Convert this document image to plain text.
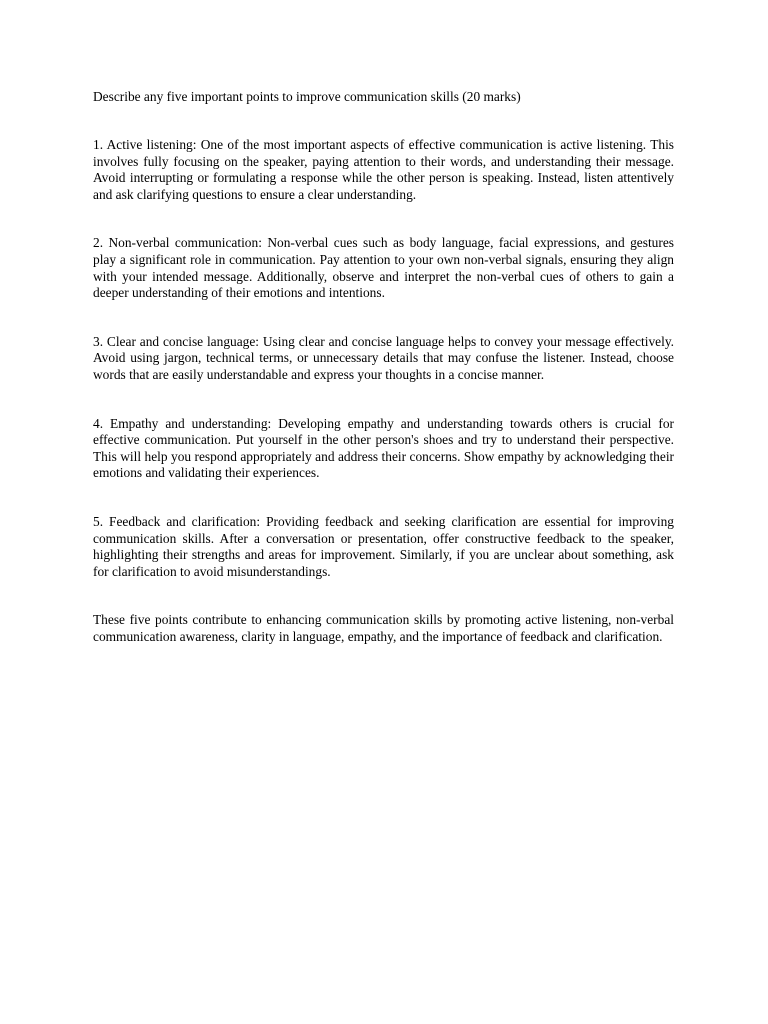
Describe any five important points to improve communication skills (20 marks)

1. Active listening: One of the most important aspects of effective communication is active listening. This involves fully focusing on the speaker, paying attention to their words, and understanding their message. Avoid interrupting or formulating a response while the other person is speaking. Instead, listen attentively and ask clarifying questions to ensure a clear understanding.

2. Non-verbal communication: Non-verbal cues such as body language, facial expressions, and gestures play a significant role in communication. Pay attention to your own non-verbal signals, ensuring they align with your intended message. Additionally, observe and interpret the non-verbal cues of others to gain a deeper understanding of their emotions and intentions.

3. Clear and concise language: Using clear and concise language helps to convey your message effectively. Avoid using jargon, technical terms, or unnecessary details that may confuse the listener. Instead, choose words that are easily understandable and express your thoughts in a concise manner.

4. Empathy and understanding: Developing empathy and understanding towards others is crucial for effective communication. Put yourself in the other person's shoes and try to understand their perspective. This will help you respond appropriately and address their concerns. Show empathy by acknowledging their emotions and validating their experiences.

5. Feedback and clarification: Providing feedback and seeking clarification are essential for improving communication skills. After a conversation or presentation, offer constructive feedback to the speaker, highlighting their strengths and areas for improvement. Similarly, if you are unclear about something, ask for clarification to avoid misunderstandings.

These five points contribute to enhancing communication skills by promoting active listening, non-verbal communication awareness, clarity in language, empathy, and the importance of feedback and clarification.
